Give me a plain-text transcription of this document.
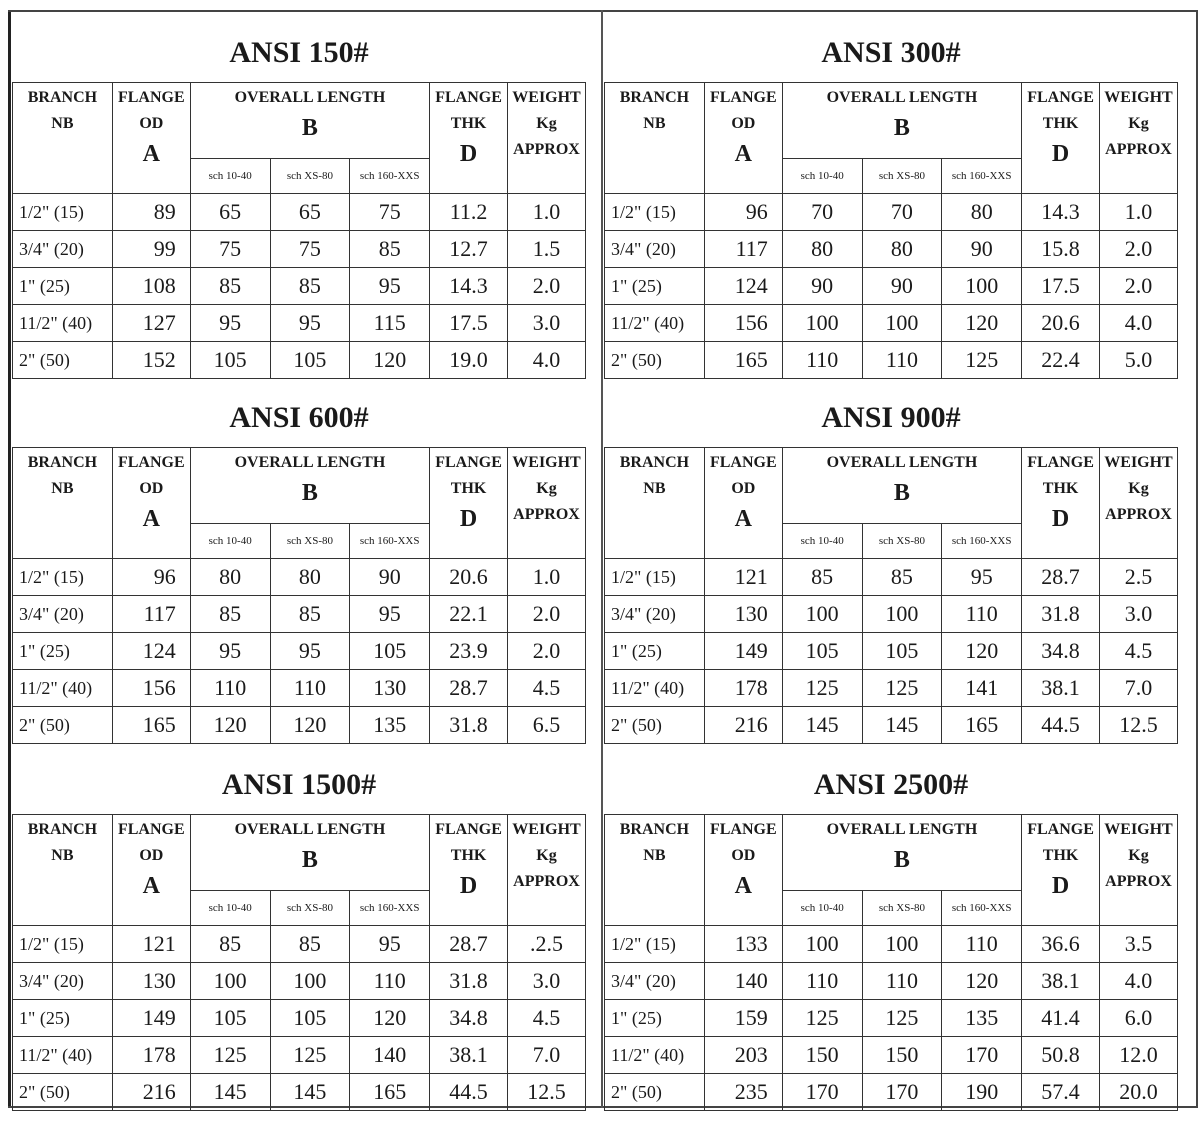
ANSI 150#
BRANCH
NB	FLANGE
OD
A	OVERALL LENGTH
B			FLANGE
THK
D	WEIGHT
Kg
APPROX
		sch 10-40	sch XS-80	sch 160-XXS		
1/2" (15)	89	65	65	75	11.2	1.0
3/4" (20)	99	75	75	85	12.7	1.5
1" (25)	108	85	85	95	14.3	2.0
11/2" (40)	127	95	95	115	17.5	3.0
2" (50)	152	105	105	120	19.0	4.0
ANSI 300#
BRANCH
NB	FLANGE
OD
A	OVERALL LENGTH
B			FLANGE
THK
D	WEIGHT
Kg
APPROX
		sch 10-40	sch XS-80	sch 160-XXS		
1/2" (15)	96	70	70	80	14.3	1.0
3/4" (20)	117	80	80	90	15.8	2.0
1" (25)	124	90	90	100	17.5	2.0
11/2" (40)	156	100	100	120	20.6	4.0
2" (50)	165	110	110	125	22.4	5.0
ANSI 600#
BRANCH
NB	FLANGE
OD
A	OVERALL LENGTH
B			FLANGE
THK
D	WEIGHT
Kg
APPROX
		sch 10-40	sch XS-80	sch 160-XXS		
1/2" (15)	96	80	80	90	20.6	1.0
3/4" (20)	117	85	85	95	22.1	2.0
1" (25)	124	95	95	105	23.9	2.0
11/2" (40)	156	110	110	130	28.7	4.5
2" (50)	165	120	120	135	31.8	6.5
ANSI 900#
BRANCH
NB	FLANGE
OD
A	OVERALL LENGTH
B			FLANGE
THK
D	WEIGHT
Kg
APPROX
		sch 10-40	sch XS-80	sch 160-XXS		
1/2" (15)	121	85	85	95	28.7	2.5
3/4" (20)	130	100	100	110	31.8	3.0
1" (25)	149	105	105	120	34.8	4.5
11/2" (40)	178	125	125	141	38.1	7.0
2" (50)	216	145	145	165	44.5	12.5
ANSI 1500#
BRANCH
NB	FLANGE
OD
A	OVERALL LENGTH
B			FLANGE
THK
D	WEIGHT
Kg
APPROX
		sch 10-40	sch XS-80	sch 160-XXS		
1/2" (15)	121	85	85	95	28.7	.2.5
3/4" (20)	130	100	100	110	31.8	3.0
1" (25)	149	105	105	120	34.8	4.5
11/2" (40)	178	125	125	140	38.1	7.0
2" (50)	216	145	145	165	44.5	12.5
ANSI 2500#
BRANCH
NB	FLANGE
OD
A	OVERALL LENGTH
B			FLANGE
THK
D	WEIGHT
Kg
APPROX
		sch 10-40	sch XS-80	sch 160-XXS		
1/2" (15)	133	100	100	110	36.6	3.5
3/4" (20)	140	110	110	120	38.1	4.0
1" (25)	159	125	125	135	41.4	6.0
11/2" (40)	203	150	150	170	50.8	12.0
2" (50)	235	170	170	190	57.4	20.0
